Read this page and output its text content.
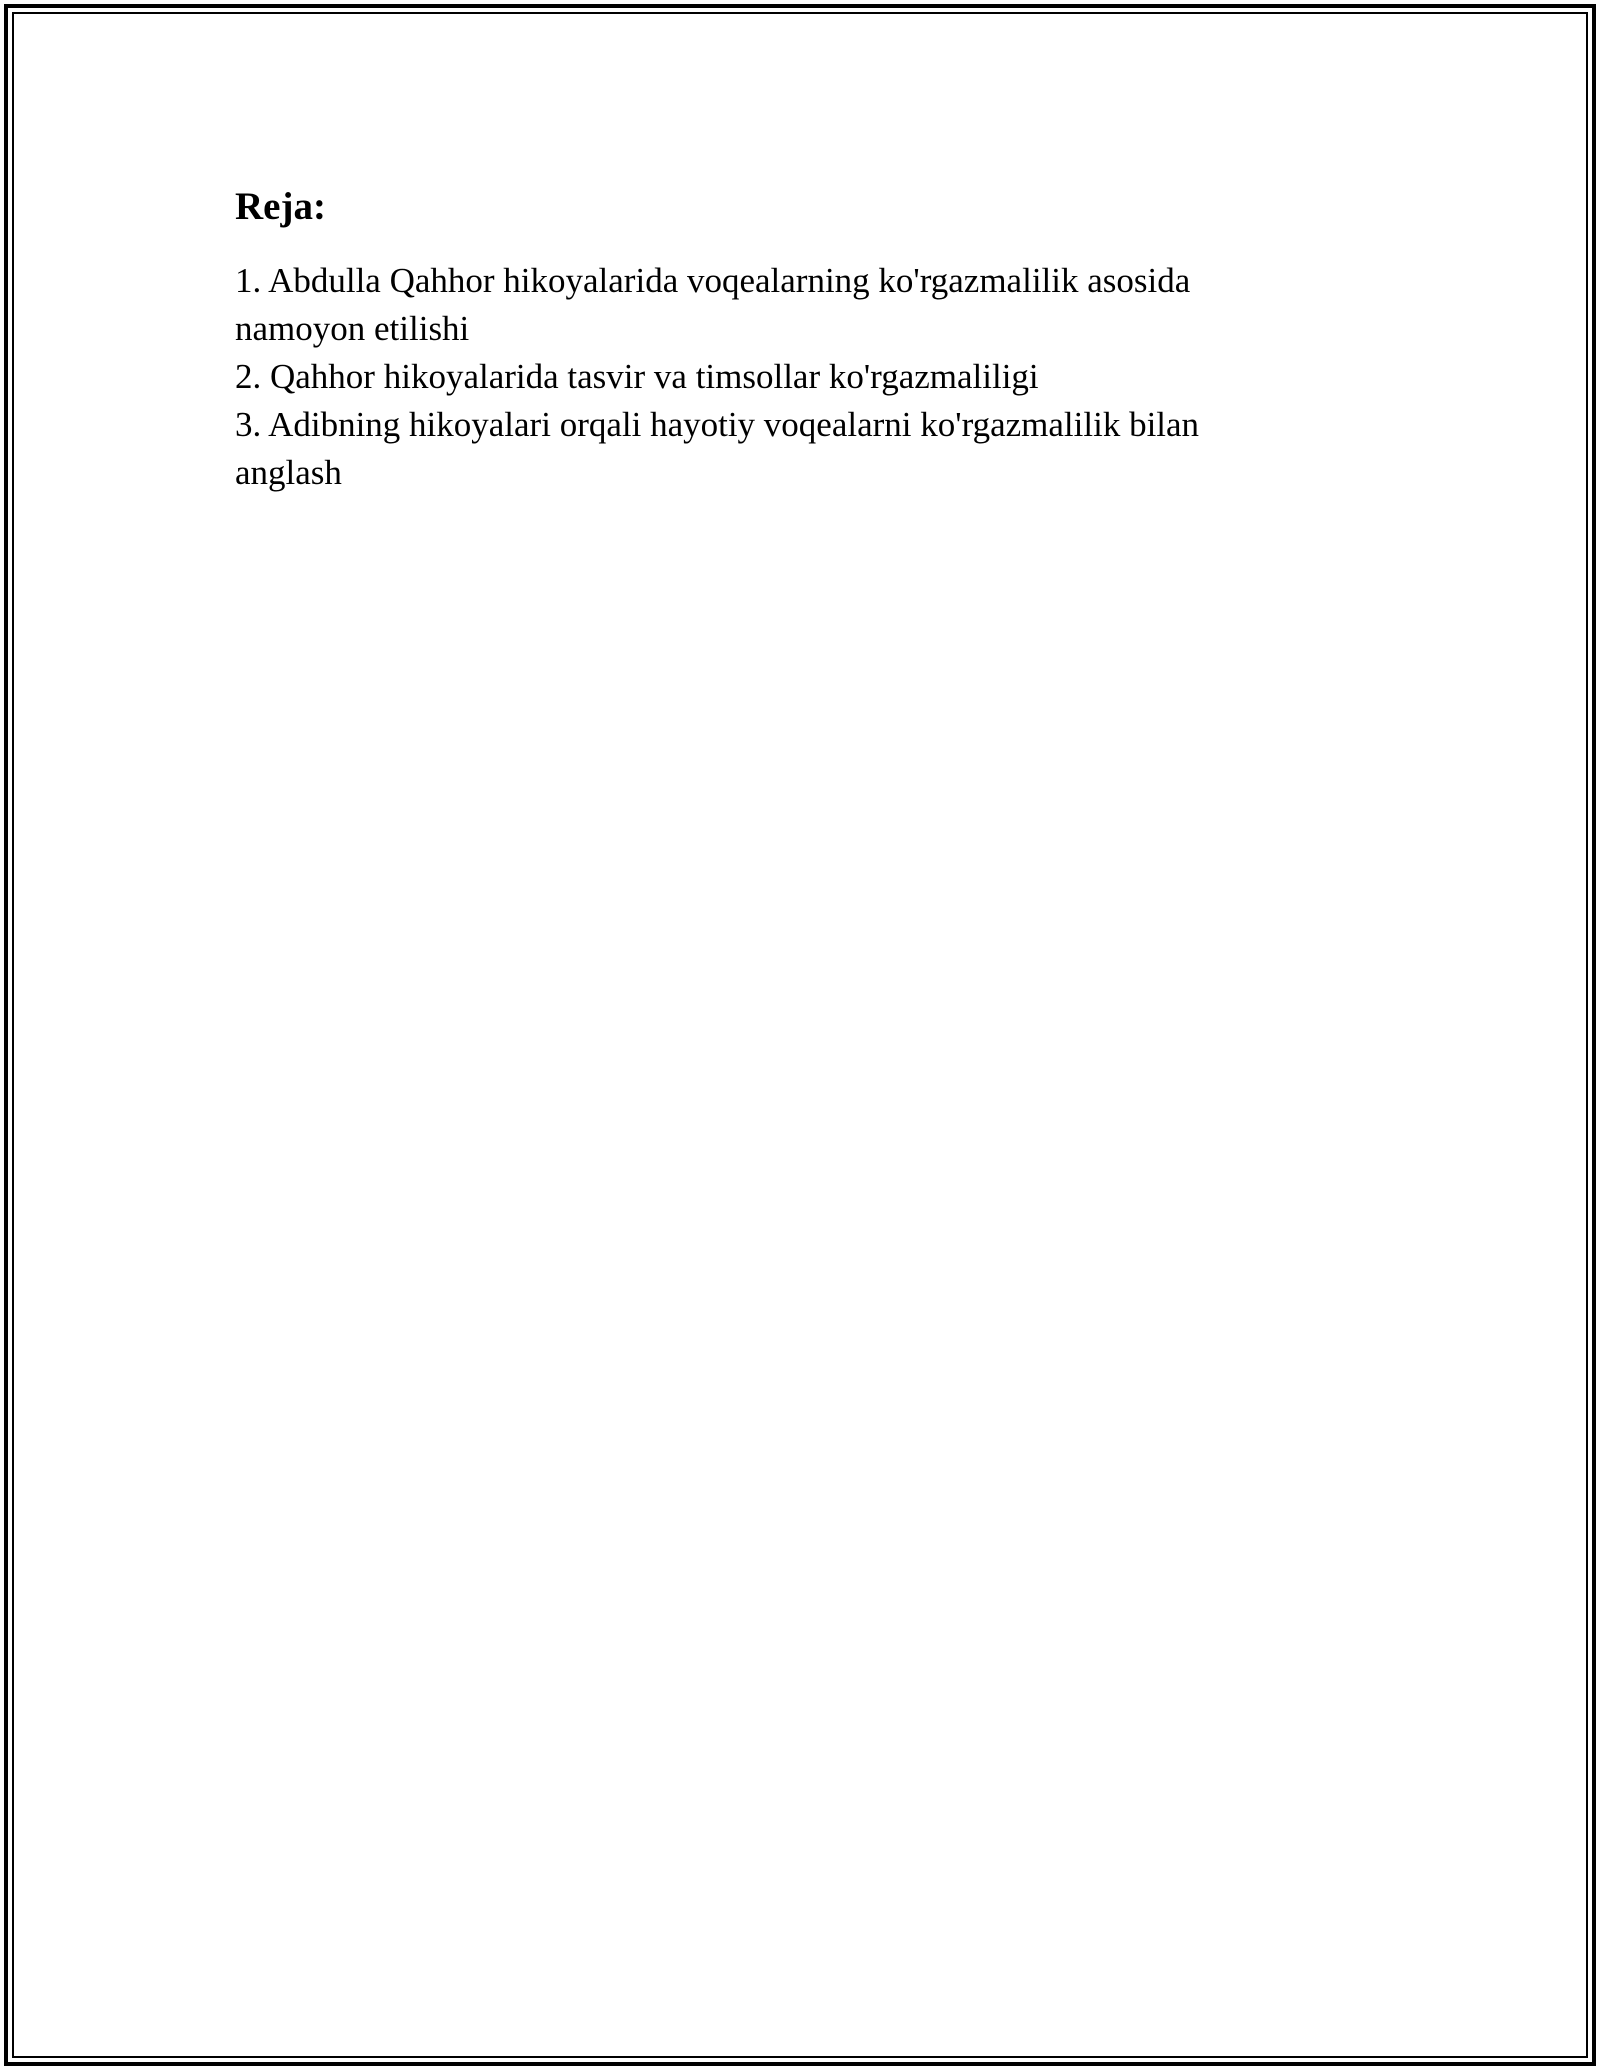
Reja:
1. Abdulla Qahhor hikoyalarida voqealarning ko'rgazmalilik asosida namoyon etilishi
2. Qahhor hikoyalarida tasvir va timsollar ko'rgazmaliligi
3. Adibning hikoyalari orqali hayotiy voqealarni ko'rgazmalilik bilan anglash
